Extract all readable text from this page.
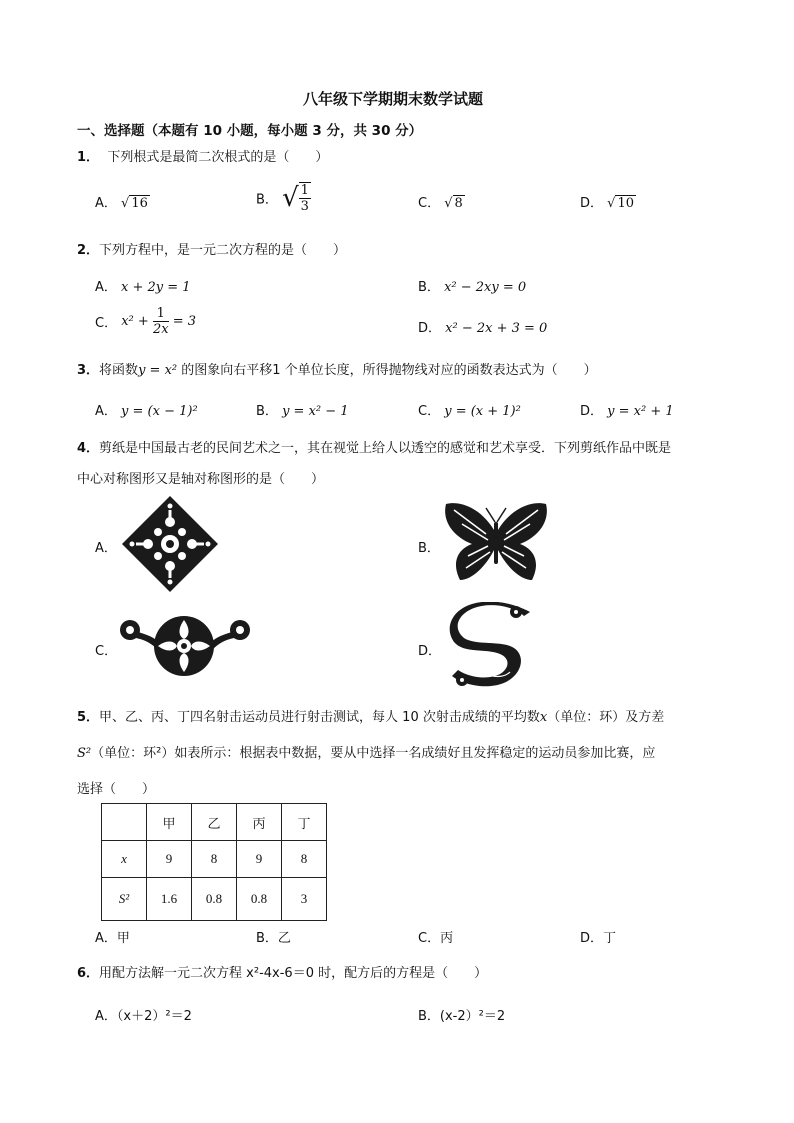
八年级下学期期末数学试题
一、选择题（本题有 10 小题，每小题 3 分，共 30 分）
1． 下列根式是最简二次根式的是（　　）
A． √ 16	B． √ $\frac{1}{3}$	C． √ 8	D． √ 10
2．下列方程中，是一元二次方程的是（　　）
A． x + 2y = 1	B． x² − 2xy = 0
C． $x^2 + \frac{1}{2x} = 3$	D． x² − 2x + 3 = 0
3．将函数y = x² 的图象向右平移1 个单位长度，所得抛物线对应的函数表达式为（　　）
A． y = (x − 1)²	B． y = x² − 1	C． y = (x + 1)²	D． y = x² + 1
4．剪纸是中国最古老的民间艺术之一，其在视觉上给人以透空的感觉和艺术享受．下列剪纸作品中既是
中心对称图形又是轴对称图形的是（　　）
A．	B．
C．	D．
5．甲、乙、丙、丁四名射击运动员进行射击测试，每人 10 次射击成绩的平均数x（单位：环）及方差
S²（单位：环²）如表所示：根据表中数据，要从中选择一名成绩好且发挥稳定的运动员参加比赛，应
选择（　　）
	甲	乙	丙	丁
x	9	8	9	8
S²	1.6	0.8	0.8	3
A．甲	B．乙	C．丙	D．丁
6．用配方法解一元二次方程 x²-4x-6＝0 时，配方后的方程是（　　）
A．（x＋2）²＝2	B．(x-2）²＝2
